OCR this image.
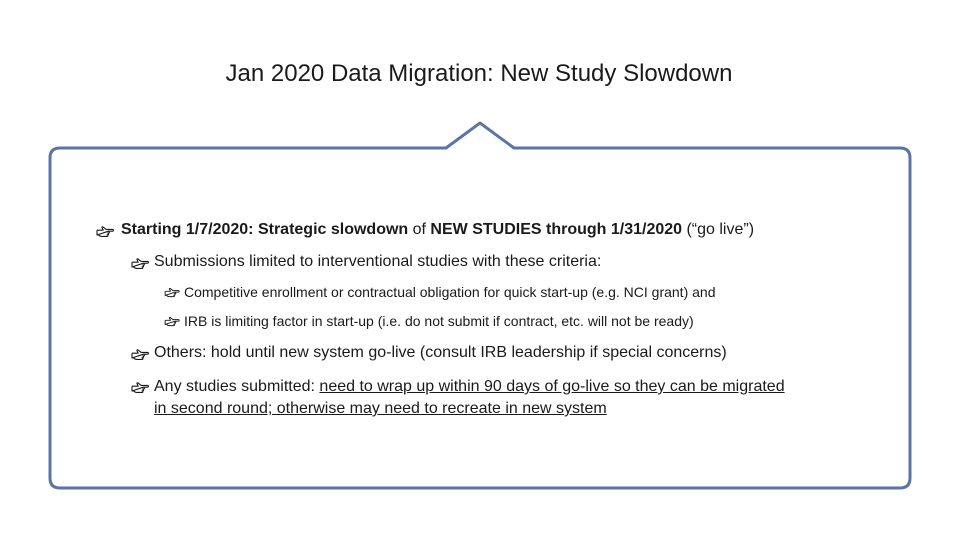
Jan 2020 Data Migration: New Study Slowdown
Starting 1/7/2020: Strategic slowdown of NEW STUDIES through 1/31/2020 (“go live”)
Submissions limited to interventional studies with these criteria:
Competitive enrollment or contractual obligation for quick start-up (e.g. NCI grant) and
IRB is limiting factor in start-up (i.e. do not submit if contract, etc. will not be ready)
Others: hold until new system go-live (consult IRB leadership if special concerns)
Any studies submitted: need to wrap up within 90 days of go-live so they can be migrated
in second round; otherwise may need to recreate in new system
